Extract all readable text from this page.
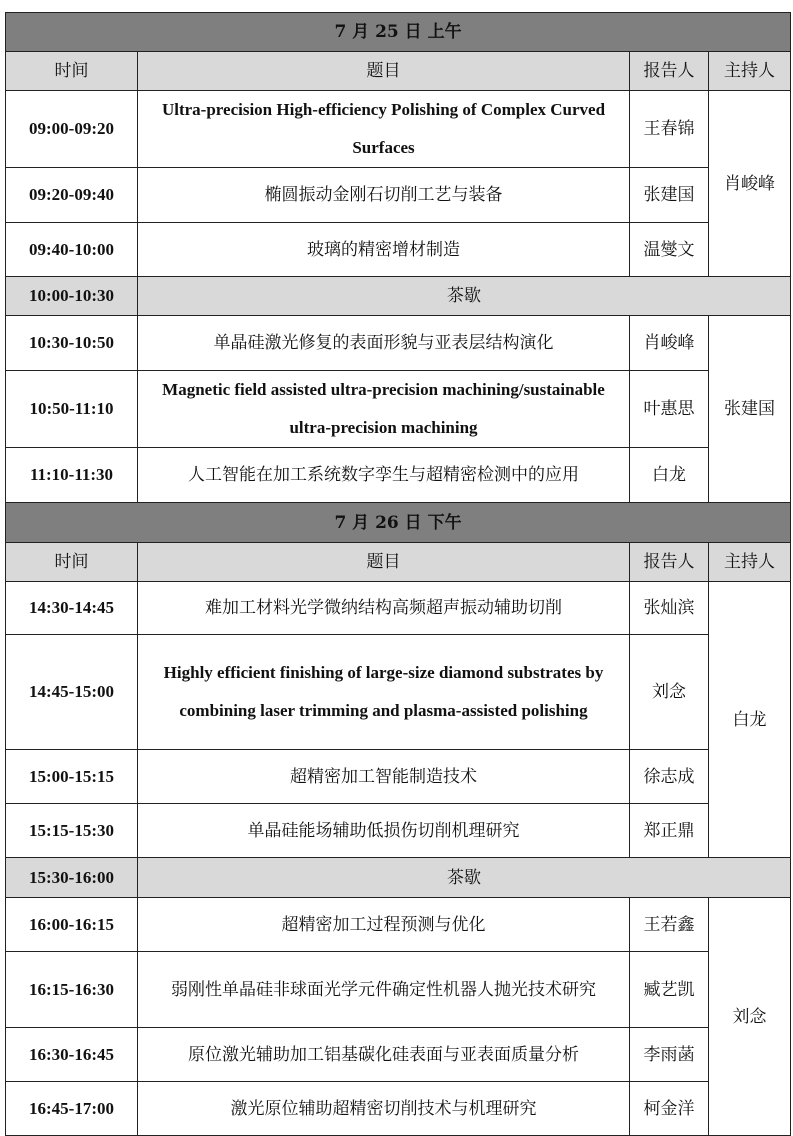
7 月 25 日 上午			
时间	题目	报告人	主持人
09:00-09:20	Ultra-precision High-efficiency Polishing of Complex Curved Surfaces	王春锦	肖峻峰
09:20-09:40	椭圆振动金刚石切削工艺与装备	张建国	
09:40-10:00	玻璃的精密增材制造	温燮文	
10:00-10:30	茶歇		
10:30-10:50	单晶硅激光修复的表面形貌与亚表层结构演化	肖峻峰	张建国
10:50-11:10	Magnetic field assisted ultra-precision machining/sustainable ultra-precision machining	叶惠思	
11:10-11:30	人工智能在加工系统数字孪生与超精密检测中的应用	白龙	
7 月 26 日 下午			
时间	题目	报告人	主持人
14:30-14:45	难加工材料光学微纳结构高频超声振动辅助切削	张灿滨	白龙
14:45-15:00	Highly efficient finishing of large-size diamond substrates by combining laser trimming and plasma-assisted polishing	刘念	
15:00-15:15	超精密加工智能制造技术	徐志成	
15:15-15:30	单晶硅能场辅助低损伤切削机理研究	郑正鼎	
15:30-16:00	茶歇		
16:00-16:15	超精密加工过程预测与优化	王若鑫	刘念
16:15-16:30	弱刚性单晶硅非球面光学元件确定性机器人抛光技术研究	臧艺凯	
16:30-16:45	原位激光辅助加工铝基碳化硅表面与亚表面质量分析	李雨菡	
16:45-17:00	激光原位辅助超精密切削技术与机理研究	柯金洋	
